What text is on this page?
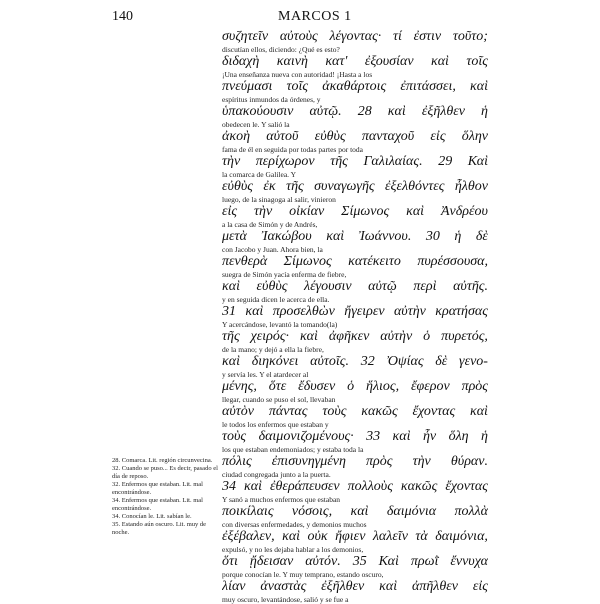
140	MARCOS 1
συζητεῖν αὐτοὺς λέγοντας· τί ἐστιν τοῦτο;
discutían ellos, diciendo: ¿Qué es esto?
διδαχὴ καινὴ κατ' ἐξουσίαν καὶ τοῖς
¡Una enseñanza nueva con autoridad! ¡Hasta a los
πνεύμασι τοῖς ἀκαθάρτοις ἐπιτάσσει, καὶ
espíritus inmundos da órdenes, y
ὑπακούουσιν αὐτῷ. 28 καὶ ἐξῆλθεν ἡ
obedecen le. Y salió la
ἀκοὴ αὐτοῦ εὐθὺς πανταχοῦ εἰς ὅλην
fama de él en seguida por todas partes por toda
τὴν περίχωρον τῆς Γαλιλαίας. 29 Καὶ
la comarca de Galilea. Y
εὐθὺς ἐκ τῆς συναγωγῆς ἐξελθόντες ἦλθον
luego, de la sinagoga al salir, vinieron
εἰς τὴν οἰκίαν Σίμωνος καὶ Ἀνδρέου
a la casa de Simón y de Andrés,
μετὰ Ἰακώβου καὶ Ἰωάννου. 30 ἡ δὲ
con Jacobo y Juan. Ahora bien, la
πενθερὰ Σίμωνος κατέκειτο πυρέσσουσα,
suegra de Simón yacía enferma de fiebre,
καὶ εὐθὺς λέγουσιν αὐτῷ περὶ αὐτῆς.
y en seguida dicen le acerca de ella.
31 καὶ προσελθὼν ἤγειρεν αὐτὴν κρατήσας
Y acercándose, levantó la tomando(la)
τῆς χειρός· καὶ ἀφῆκεν αὐτὴν ὁ πυρετός,
de la mano; y dejó a ella la fiebre,
καὶ διηκόνει αὐτοῖς. 32 Ὀψίας δὲ γενο-
y servía les. Y el atardecer al
μένης, ὅτε ἔδυσεν ὁ ἥλιος, ἔφερον πρὸς
llegar, cuando se puso el sol, llevaban
αὐτὸν πάντας τοὺς κακῶς ἔχοντας καὶ
le todos los enfermos que estaban y
τοὺς δαιμονιζομένους· 33 καὶ ἦν ὅλη ἡ
los que estaban endemoniados; y estaba toda la
πόλις ἐπισυνηγμένη πρὸς τὴν θύραν.
ciudad congregada junto a la puerta.
34 καὶ ἐθεράπευσεν πολλοὺς κακῶς ἔχοντας
Y sanó a muchos enfermos que estaban
ποικίλαις νόσοις, καὶ δαιμόνια πολλὰ
con diversas enfermedades, y demonios muchos
ἐξέβαλεν, καὶ οὐκ ἤφιεν λαλεῖν τὰ δαιμόνια,
expulsó, y no les dejaba hablar a los demonios,
ὅτι ᾔδεισαν αὐτόν. 35 Καὶ πρωῒ ἔννυχα
porque conocían le. Y muy temprano, estando oscuro,
λίαν ἀναστὰς ἐξῆλθεν καὶ ἀπῆλθεν εἰς
muy oscuro, levantándose, salió y se fue a

28. Comarca. Lit. región circunvecina.

32. Cuando se puso... Es decir, pasado el día de reposo.

32. Enfermos que estaban. Lit. mal encontrándose.

34. Enfermos que estaban. Lit. mal encontrándose.

34. Conocían le. Lit. sabían le.

35. Estando aún oscuro. Lit. muy de noche.
